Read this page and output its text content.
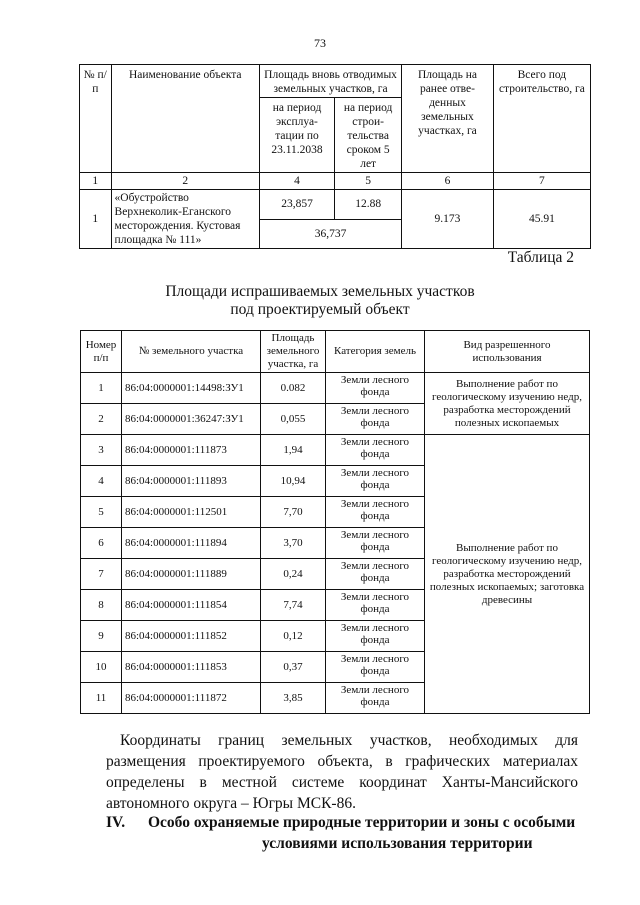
73
№ п/п	Наименование объекта	Площадь вновь отводимых земельных участков, га		Площадь на ранее отве-денных земельных участках, га	Всего под строительство, га
		на период эксплуа-тации по 23.11.2038	на период строи-тельства сроком 5 лет		
1	2	4	5	6	7
1	«Обустройство Верхнеколик-Еганского месторождения. Кустовая площадка № 111»	23,857	12.88	9.173	45.91
		36,737			
Таблица 2
Площади испрашиваемых земельных участков
под проектируемый объект
Номер п/п	№ земельного участка	Площадь земельного участка, га	Категория земель	Вид разрешенного использования
1	86:04:0000001:14498:ЗУ1	0.082	Земли лесного фонда	Выполнение работ по геологическому изучению недр, разработка месторождений полезных ископаемых
2	86:04:0000001:36247:ЗУ1	0,055	Земли лесного фонда	
3	86:04:0000001:111873	1,94	Земли лесного фонда	Выполнение работ по геологическому изучению недр, разработка месторождений полезных ископаемых; заготовка древесины
4	86:04:0000001:111893	10,94	Земли лесного фонда	
5	86:04:0000001:112501	7,70	Земли лесного фонда	
6	86:04:0000001:111894	3,70	Земли лесного фонда	
7	86:04:0000001:111889	0,24	Земли лесного фонда	
8	86:04:0000001:111854	7,74	Земли лесного фонда	
9	86:04:0000001:111852	0,12	Земли лесного фонда	
10	86:04:0000001:111853	0,37	Земли лесного фонда	
11	86:04:0000001:111872	3,85	Земли лесного фонда	
Координаты границ земельных участков, необходимых для размещения проектируемого объекта, в графических материалах определены в местной системе координат Ханты-Мансийского автономного округа – Югры МСК-86.
IV. Особо охраняемые природные территории и зоны с особыми
условиями использования территории
